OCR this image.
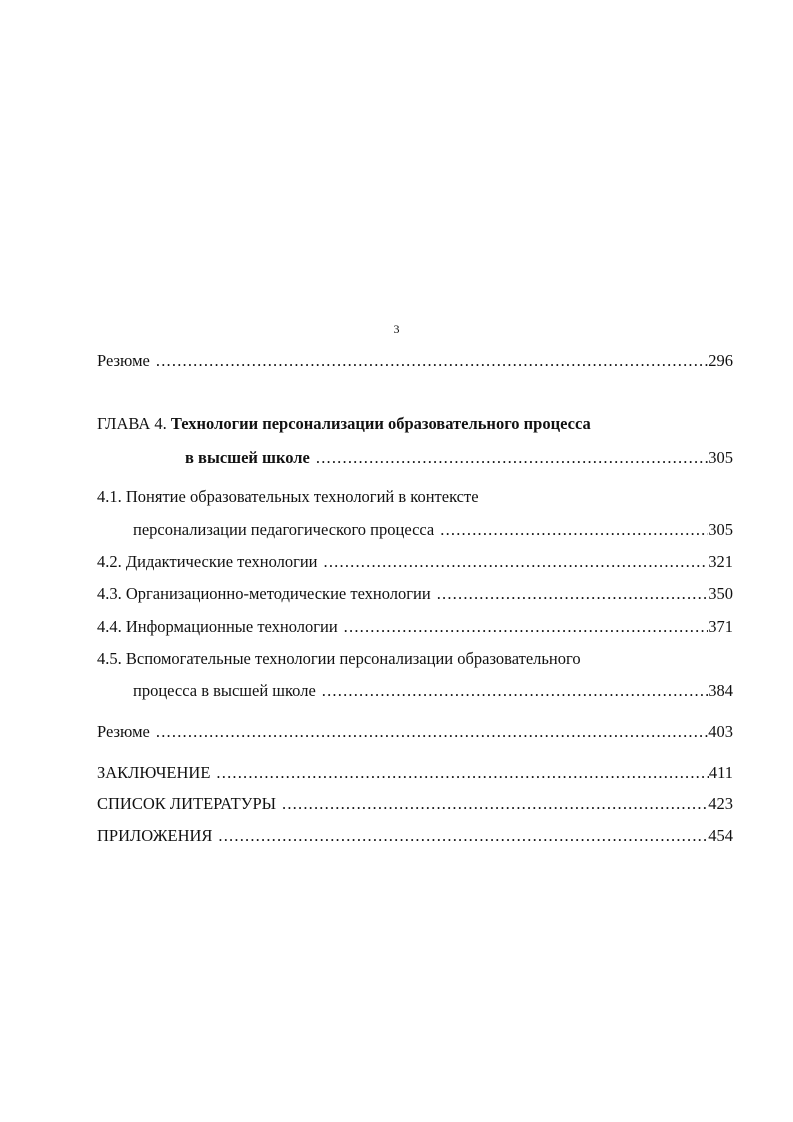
3
Резюме .....	296
ГЛАВА 4. Технологии персонализации образовательного процесса
в высшей школе .....	305
4.1. Понятие образовательных технологий в контексте
персонализации педагогического процесса .....	305
4.2. Дидактические технологии .....	321
4.3. Организационно-методические технологии .....	350
4.4. Информационные технологии .....	371
4.5. Вспомогательные технологии персонализации образовательного
процесса в высшей школе .....	384
Резюме .....	403
ЗАКЛЮЧЕНИЕ .....	411
СПИСОК ЛИТЕРАТУРЫ .....	423
ПРИЛОЖЕНИЯ .....	454
